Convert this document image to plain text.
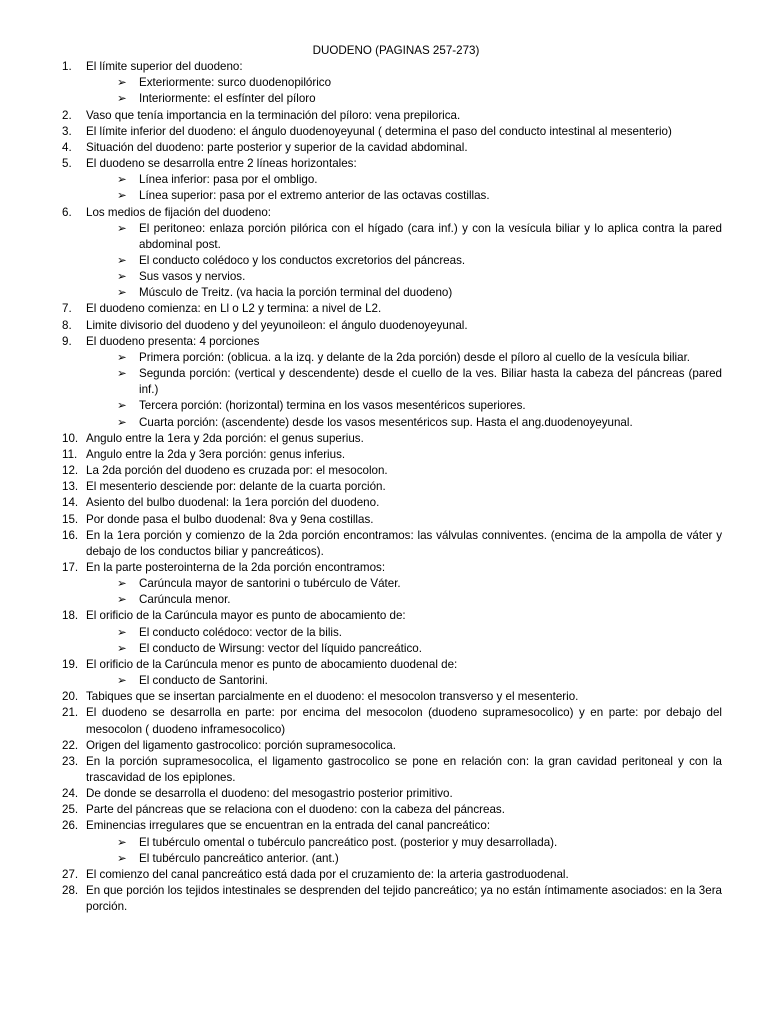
DUODENO (PAGINAS 257-273)
1. El límite superior del duodeno:
➢ Exteriormente: surco duodenopilórico
➢ Interiormente: el esfínter del píloro
2. Vaso que tenía importancia en la terminación del píloro: vena prepilorica.
3. El límite inferior del duodeno: el ángulo duodenoyeyunal ( determina el paso del conducto intestinal al mesenterio)
4. Situación del duodeno: parte posterior y superior de la cavidad abdominal.
5. El duodeno se desarrolla entre 2 líneas horizontales:
➢ Línea inferior: pasa por el ombligo.
➢ Línea superior: pasa por el extremo anterior de las octavas costillas.
6. Los medios de fijación del duodeno:
➢ El peritoneo: enlaza porción pilórica con el hígado (cara inf.) y con la vesícula biliar y lo aplica contra la pared abdominal post.
➢ El conducto colédoco y los conductos excretorios del páncreas.
➢ Sus vasos y nervios.
➢ Músculo de Treitz. (va hacia la porción terminal del duodeno)
7. El duodeno comienza: en Ll o L2 y termina: a nivel de L2.
8. Limite divisorio del duodeno y del yeyunoileon: el ángulo duodenoyeyunal.
9. El duodeno presenta: 4 porciones
➢ Primera porción: (oblicua. a la izq. y delante de la 2da porción) desde el píloro al cuello de la vesícula biliar.
➢ Segunda porción: (vertical y descendente) desde el cuello de la ves. Biliar hasta la cabeza del páncreas (pared inf.)
➢ Tercera porción: (horizontal) termina en los vasos mesentéricos superiores.
➢ Cuarta porción: (ascendente) desde los vasos mesentéricos sup. Hasta el ang.duodenoyeyunal.
10. Angulo entre la 1era y 2da porción: el genus superius.
11. Angulo entre la 2da y 3era porción: genus inferius.
12. La 2da porción del duodeno es cruzada por: el mesocolon.
13. El mesenterio desciende por: delante de la cuarta porción.
14. Asiento del bulbo duodenal: la 1era porción del duodeno.
15. Por donde pasa el bulbo duodenal: 8va y 9ena costillas.
16. En la 1era porción y comienzo de la 2da porción encontramos: las válvulas conniventes. (encima de la ampolla de váter y debajo de los conductos biliar y pancreáticos).
17. En la parte posterointerna de la 2da porción encontramos:
➢ Carúncula mayor de santorini o tubérculo de Váter.
➢ Carúncula menor.
18. El orificio de la Carúncula mayor es punto de abocamiento de:
➢ El conducto colédoco: vector de la bilis.
➢ El conducto de Wirsung: vector del líquido pancreático.
19. El orificio de la Carúncula menor es punto de abocamiento duodenal de:
➢ El conducto de Santorini.
20. Tabiques que se insertan parcialmente en el duodeno: el mesocolon transverso y el mesenterio.
21. El duodeno se desarrolla en parte: por encima del mesocolon (duodeno supramesocolico) y en parte: por debajo del mesocolon ( duodeno inframesocolico)
22. Origen del ligamento gastrocolico: porción supramesocolica.
23. En la porción supramesocolica, el ligamento gastrocolico se pone en relación con: la gran cavidad peritoneal y con la trascavidad de los epiplones.
24. De donde se desarrolla el duodeno: del mesogastrio posterior primitivo.
25. Parte del páncreas que se relaciona con el duodeno: con la cabeza del páncreas.
26. Eminencias irregulares que se encuentran en la entrada del canal pancreático:
➢ El tubérculo omental o tubérculo pancreático post. (posterior y muy desarrollada).
➢ El tubérculo pancreático anterior. (ant.)
27. El comienzo del canal pancreático está dada por el cruzamiento de: la arteria gastroduodenal.
28. En que porción los tejidos intestinales se desprenden del tejido pancreático; ya no están íntimamente asociados: en la 3era porción.
